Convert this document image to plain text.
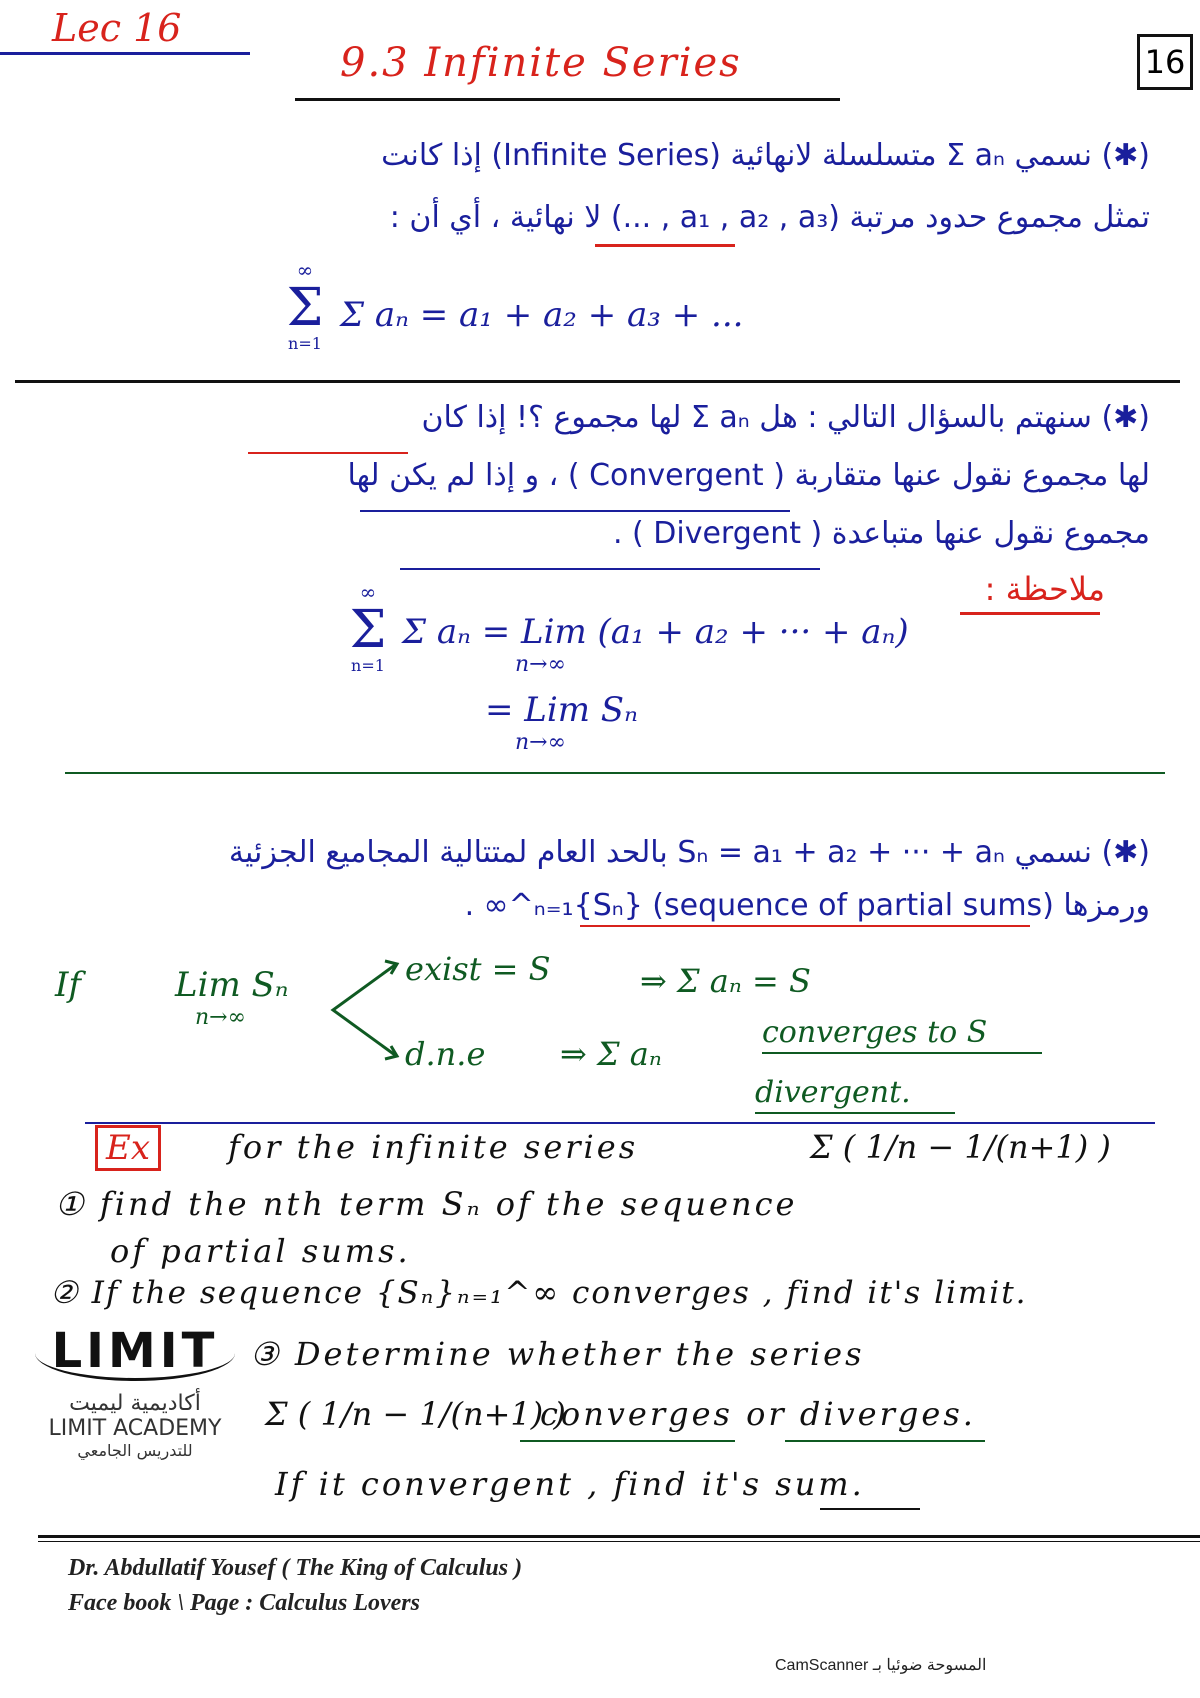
Lec 16
9.3 Infinite Series	16
(✱) نسمي Σ aₙ متسلسلة لانهائية (Infinite Series) إذا كانت
تمثل مجموع حدود مرتبة (a₁ , a₂ , a₃ , ...) لا نهائية ، أي أن :
∞
Σ
n=1
Σ aₙ = a₁ + a₂ + a₃ + ...
(✱) سنهتم بالسؤال التالي : هل Σ aₙ لها مجموع ؟! إذا كان
لها مجموع نقول عنها متقاربة ( Convergent ) ، و إذا لم يكن لها
مجموع نقول عنها متباعدة ( Divergent ) .
ملاحظة :
∞
Σ
n=1
Σ aₙ = Lim (a₁ + a₂ + ··· + aₙ)
n→∞
= Lim Sₙ
n→∞
(✱) نسمي Sₙ = a₁ + a₂ + ··· + aₙ بالحد العام لمتتالية المجاميع الجزئية
ورمزها (sequence of partial sums) {Sₙ}ₙ₌₁^∞ .
If	Lim Sₙ
n→∞
exist = S	⇒ Σ aₙ = S
converges to S
d.n.e ⇒ Σ aₙ
divergent.
Ex	for the infinite series	Σ ( 1/n − 1/(n+1) )
① find the nth term Sₙ of the sequence
of partial sums.
② If the sequence {Sₙ}ₙ₌₁^∞ converges , find it's limit.
③ Determine whether the series
Σ ( 1/n − 1/(n+1) )
converges or diverges.
If it convergent , find it's sum.
LIMIT
أكاديمية ليميت
LIMIT ACADEMY
للتدريس الجامعي
Dr. Abdullatif Yousef ( The King of Calculus )
Face book \ Page : Calculus Lovers
CamScanner المسوحة ضوئيا بـ
